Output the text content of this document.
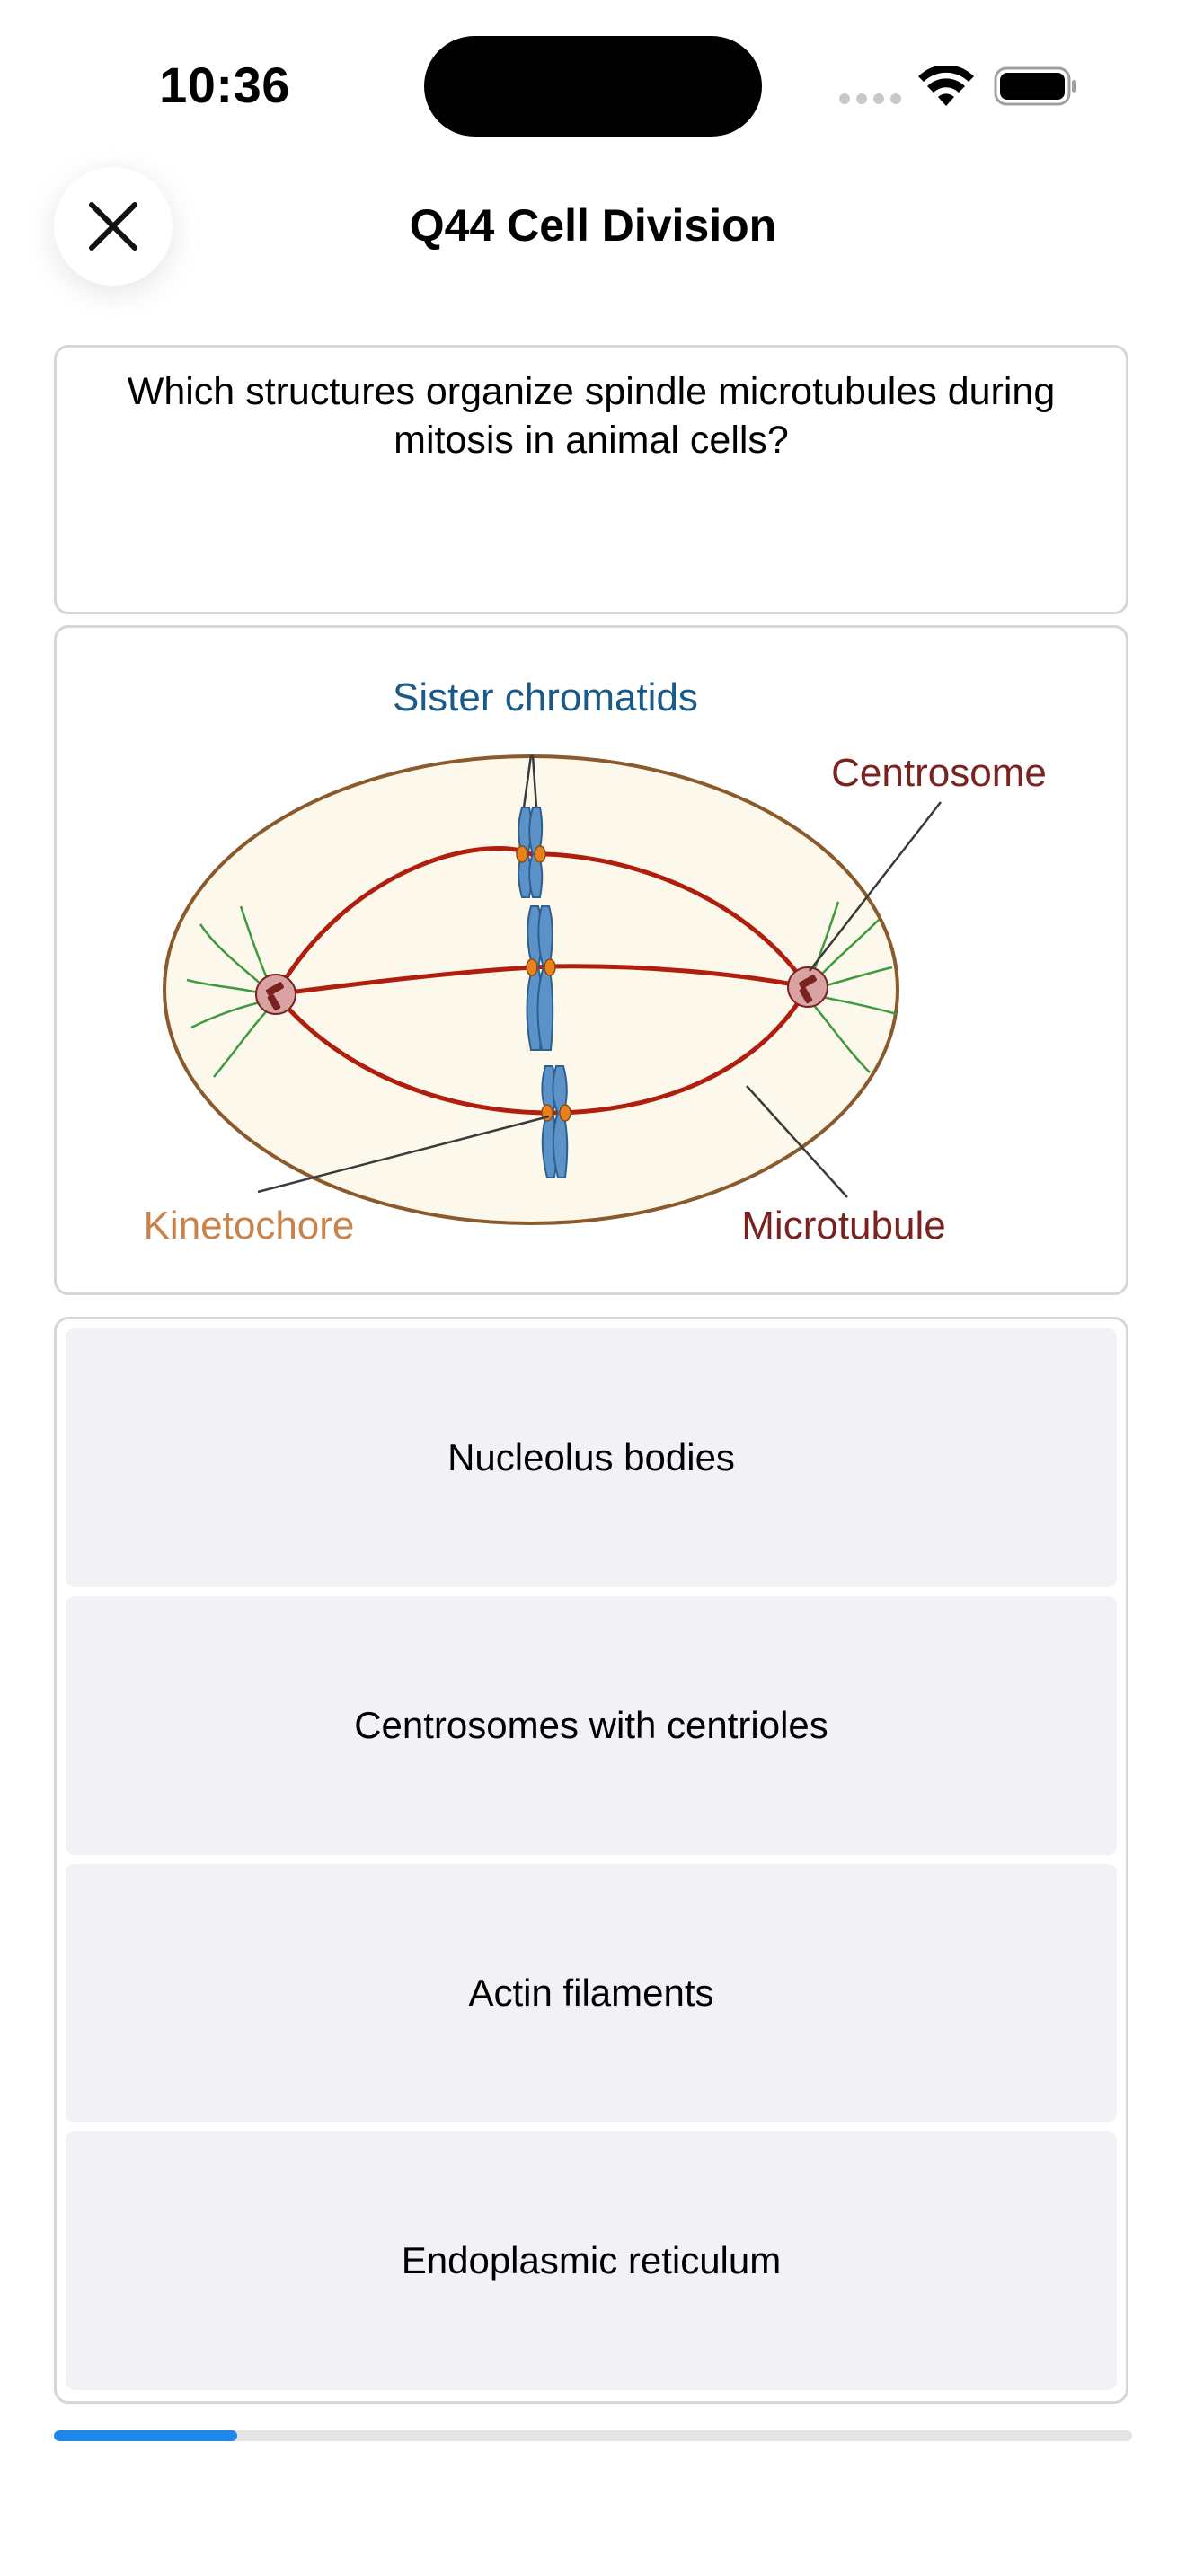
10:36
Q44 Cell Division
Which structures organize spindle microtubules during mitosis in animal cells?
Sister chromatids
Centrosome
Kinetochore	Microtubule
Nucleolus bodies
Centrosomes with centrioles
Actin filaments
Endoplasmic reticulum
